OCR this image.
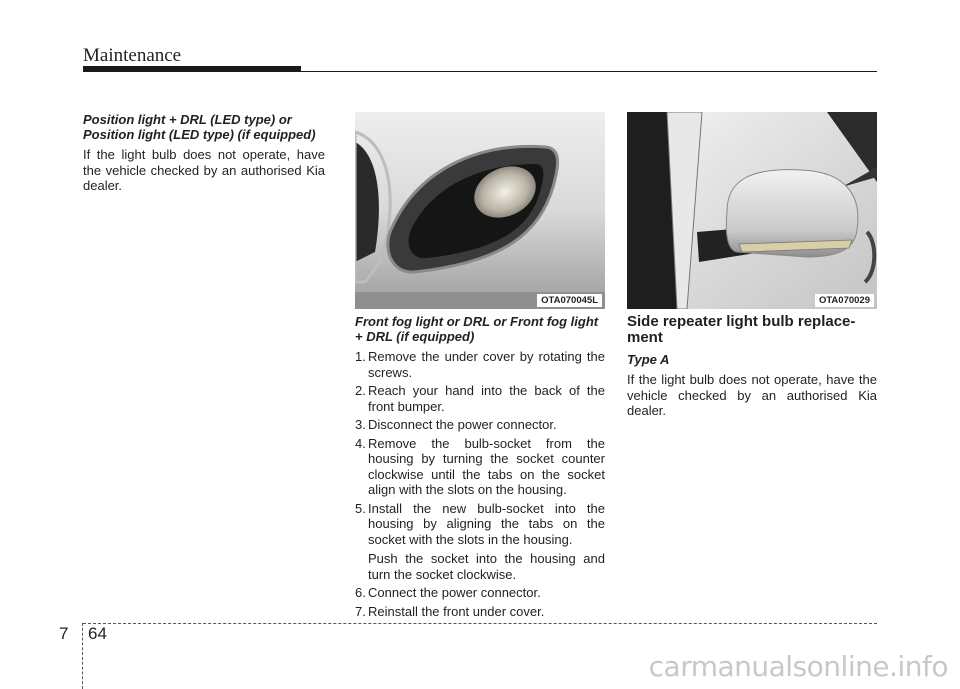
Maintenance

Position light + DRL (LED type) or Position light (LED type) (if equipped)

If the light bulb does not operate, have the vehicle checked by an authorised Kia dealer.

OTA070045L	OTA070029

Front fog light or DRL or Front fog light + DRL (if equipped)

1. Remove the under cover by rotating the screws.
2. Reach your hand into the back of the front bumper.
3. Disconnect the power connector.
4. Remove the bulb-socket from the housing by turning the socket counter clockwise until the tabs on the socket align with the slots on the housing.
5. Install the new bulb-socket into the housing by aligning the tabs on the socket with the slots in the housing.
Push the socket into the housing and turn the socket clockwise.
6. Connect the power connector.
7. Reinstall the front under cover.

Side repeater light bulb replace-ment

Type A

If the light bulb does not operate, have the vehicle checked by an authorised Kia dealer.

7 64
carmanualsonline.info
